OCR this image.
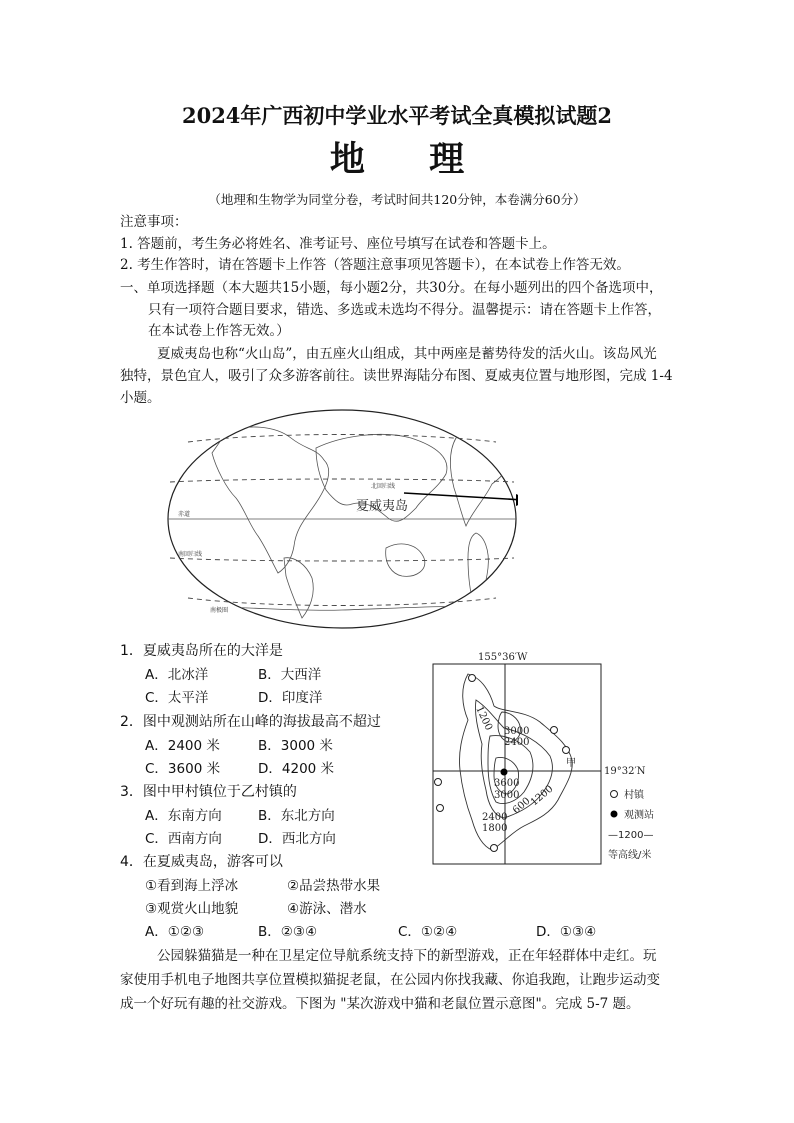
2024年广西初中学业水平考试全真模拟试题2
地 理
（地理和生物学为同堂分卷，考试时间共120分钟，本卷满分60分）
注意事项：
1. 答题前，考生务必将姓名、准考证号、座位号填写在试卷和答题卡上。
2. 考生作答时，请在答题卡上作答（答题注意事项见答题卡），在本试卷上作答无效。
一、单项选择题（本大题共15小题，每小题2分，共30分。在每小题列出的四个备选项中，
只有一项符合题目要求，错选、多选或未选均不得分。温馨提示：请在答题卡上作答，
在本试卷上作答无效。）
夏威夷岛也称“火山岛”，由五座火山组成，其中两座是蓄势待发的活火山。该岛风光
独特，景色宜人，吸引了众多游客前往。读世界海陆分布图、夏威夷位置与地形图，完成 1-4
小题。
夏威夷岛
北回归线
赤道
南回归线
南极圈
1．夏威夷岛所在的大洋是
A．北冰洋	B．大西洋
C．太平洋	D．印度洋
2．图中观测站所在山峰的海拔最高不超过
A．2400 米	B．3000 米
C．3600 米	D．4200 米
3．图中甲村镇位于乙村镇的
A．东南方向	B．东北方向
C．西南方向	D．西北方向
155°36′W
19°32′N
1200 3000
2400
3600
3000
2400
1800
600
1200
甲
村镇
观测站
—1200—
等高线/米
4．在夏威夷岛，游客可以
①看到海上浮冰	②品尝热带水果
③观赏火山地貌	④游泳、潜水
A．①②③	B．②③④	C．①②④	D．①③④
公园躲猫猫是一种在卫星定位导航系统支持下的新型游戏，正在年轻群体中走红。玩
家使用手机电子地图共享位置模拟猫捉老鼠，在公园内你找我藏、你追我跑，让跑步运动变
成一个好玩有趣的社交游戏。下图为 "某次游戏中猫和老鼠位置示意图"。完成 5-7 题。
